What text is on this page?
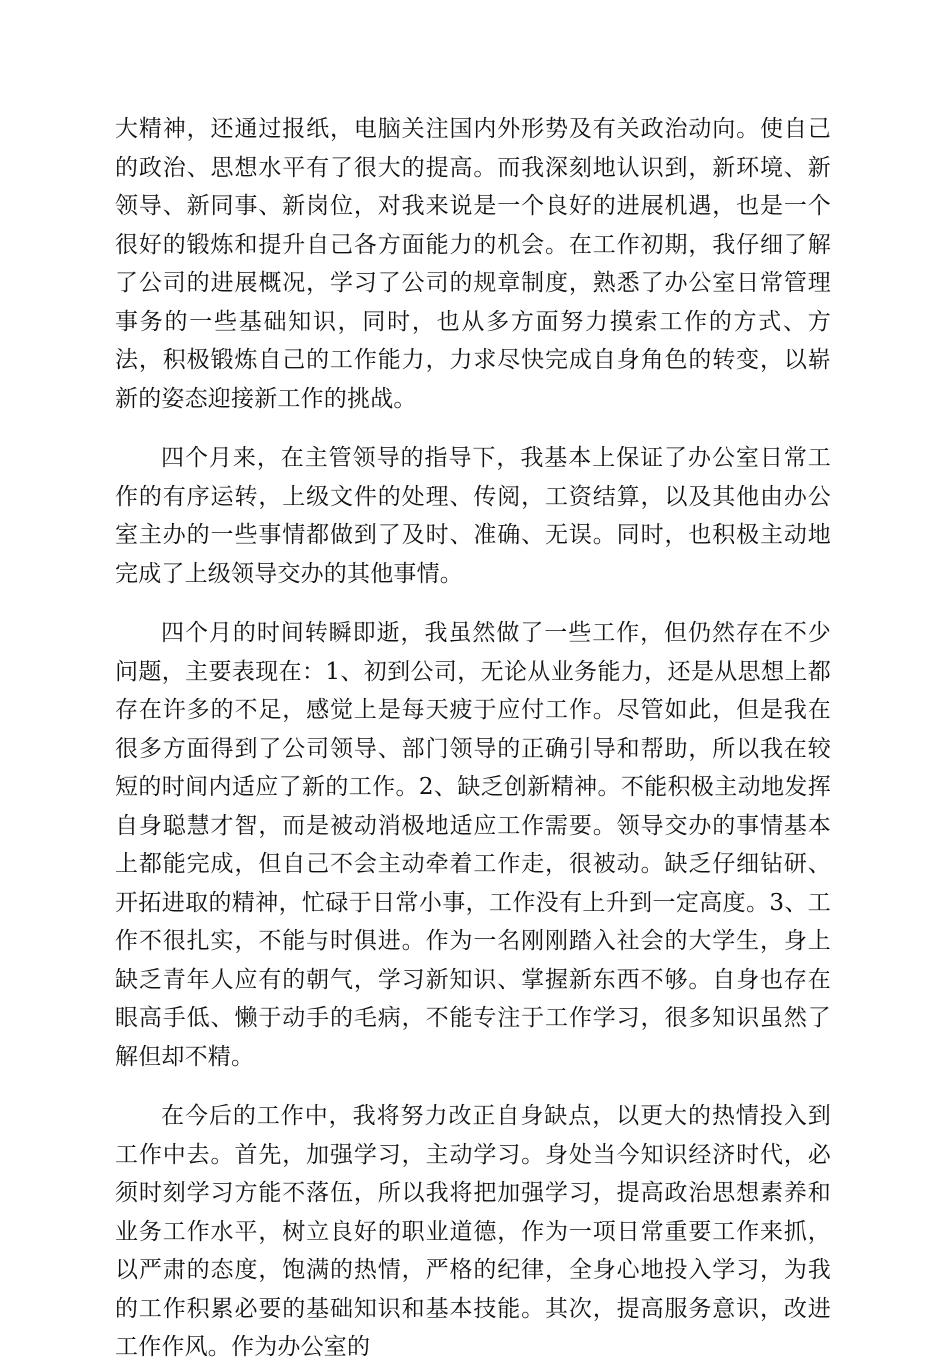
大精神，还通过报纸，电脑关注国内外形势及有关政治动向。使自己的政治、思想水平有了很大的提高。而我深刻地认识到，新环境、新领导、新同事、新岗位，对我来说是一个良好的进展机遇，也是一个很好的锻炼和提升自己各方面能力的机会。在工作初期，我仔细了解了公司的进展概况，学习了公司的规章制度，熟悉了办公室日常管理事务的一些基础知识，同时，也从多方面努力摸索工作的方式、方法，积极锻炼自己的工作能力，力求尽快完成自身角色的转变，以崭新的姿态迎接新工作的挑战。

四个月来，在主管领导的指导下，我基本上保证了办公室日常工作的有序运转，上级文件的处理、传阅，工资结算，以及其他由办公室主办的一些事情都做到了及时、准确、无误。同时，也积极主动地完成了上级领导交办的其他事情。

四个月的时间转瞬即逝，我虽然做了一些工作，但仍然存在不少问题，主要表现在：1、初到公司，无论从业务能力，还是从思想上都存在许多的不足，感觉上是每天疲于应付工作。尽管如此，但是我在很多方面得到了公司领导、部门领导的正确引导和帮助，所以我在较短的时间内适应了新的工作。2、缺乏创新精神。不能积极主动地发挥自身聪慧才智，而是被动消极地适应工作需要。领导交办的事情基本上都能完成，但自己不会主动牵着工作走，很被动。缺乏仔细钻研、开拓进取的精神，忙碌于日常小事，工作没有上升到一定高度。3、工作不很扎实，不能与时俱进。作为一名刚刚踏入社会的大学生，身上缺乏青年人应有的朝气，学习新知识、掌握新东西不够。自身也存在眼高手低、懒于动手的毛病，不能专注于工作学习，很多知识虽然了解但却不精。

在今后的工作中，我将努力改正自身缺点，以更大的热情投入到工作中去。首先，加强学习，主动学习。身处当今知识经济时代，必须时刻学习方能不落伍，所以我将把加强学习，提高政治思想素养和业务工作水平，树立良好的职业道德，作为一项日常重要工作来抓，以严肃的态度，饱满的热情，严格的纪律，全身心地投入学习，为我的工作积累必要的基础知识和基本技能。其次，提高服务意识，改进工作作风。作为办公室的
